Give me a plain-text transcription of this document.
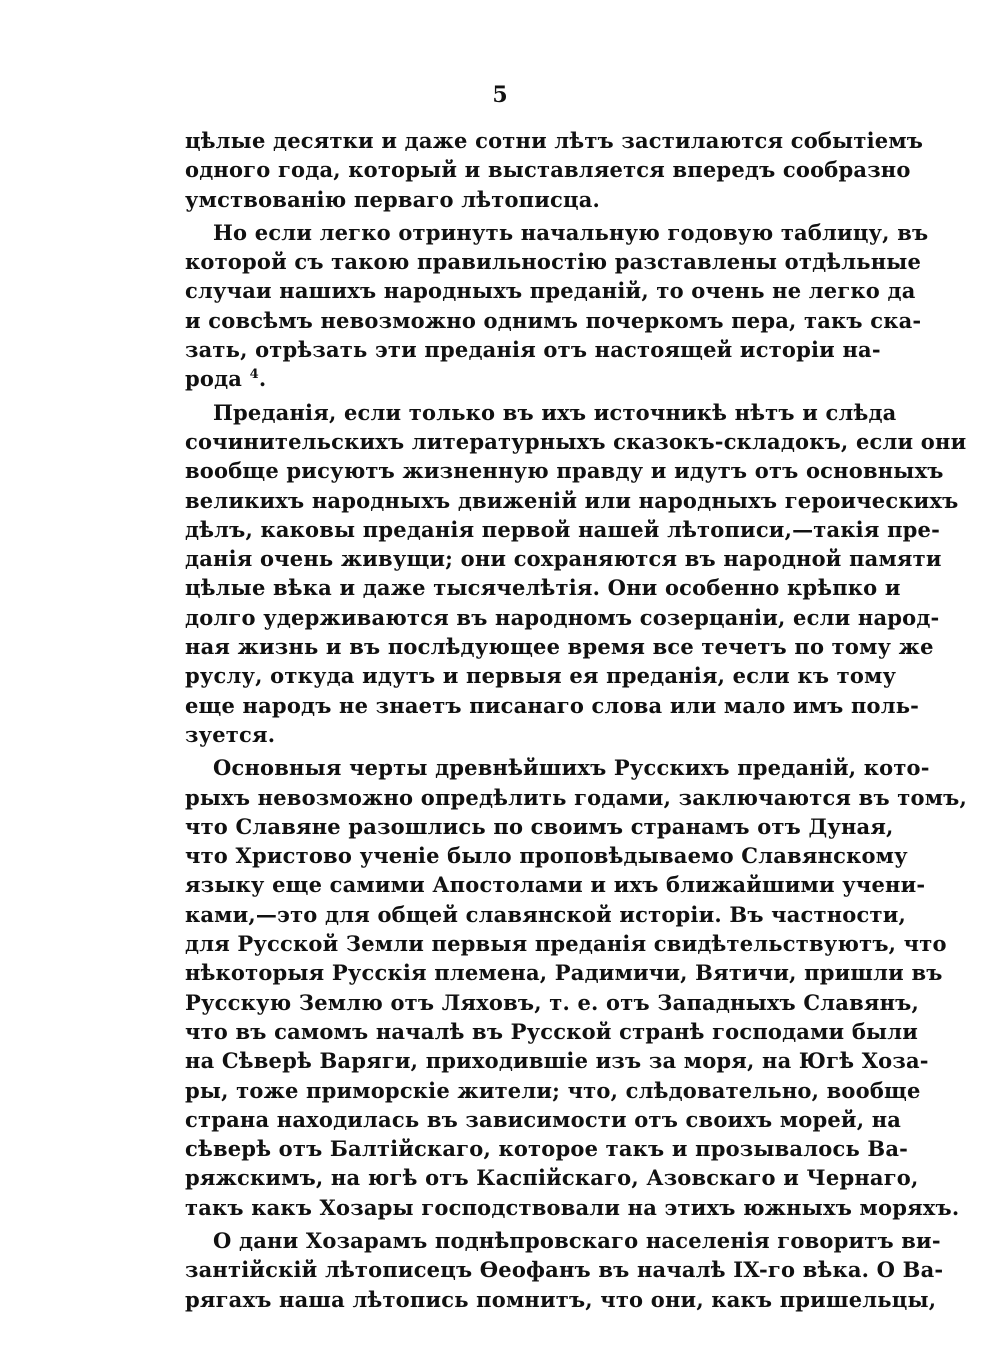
5
цѣлые десятки и даже сотни лѣтъ застилаются событіемъ
одного года, который и выставляется впередъ сообразно
умствованію перваго лѣтописца.
Но если легко отринуть начальную годовую таблицу, въ
которой съ такою правильностію разставлены отдѣльные
случаи нашихъ народныхъ преданій, то очень не легко да
и совсѣмъ невозможно однимъ почеркомъ пера, такъ ска-
зать, отрѣзать эти преданія отъ настоящей исторіи на-
рода $^4$.
Преданія, если только въ ихъ источникѣ нѣтъ и слѣда
сочинительскихъ литературныхъ сказокъ-складокъ, если они
вообще рисуютъ жизненную правду и идутъ отъ основныхъ
великихъ народныхъ движеній или народныхъ героическихъ
дѣлъ, каковы преданія первой нашей лѣтописи,—такія пре-
данія очень живущи; они сохраняются въ народной памяти
цѣлые вѣка и даже тысячелѣтія. Они особенно крѣпко и
долго удерживаются въ народномъ созерцаніи, если народ-
ная жизнь и въ послѣдующее время все течетъ по тому же
руслу, откуда идутъ и первыя ея преданія, если къ тому
еще народъ не знаетъ писанаго слова или мало имъ поль-
зуется.
Основныя черты древнѣйшихъ Русскихъ преданій, кото-
рыхъ невозможно опредѣлить годами, заключаются въ томъ,
что Славяне разошлись по своимъ странамъ отъ Дуная,
что Христово ученіе было проповѣдываемо Славянскому
языку еще самими Апостолами и ихъ ближайшими учени-
ками,—это для общей славянской исторіи. Въ частности,
для Русской Земли первыя преданія свидѣтельствуютъ, что
нѣкоторыя Русскія племена, Радимичи, Вятичи, пришли въ
Русскую Землю отъ Ляховъ, т. е. отъ Западныхъ Славянъ,
что въ самомъ началѣ въ Русской странѣ господами были
на Сѣверѣ Варяги, приходившіе изъ за моря, на Югѣ Хоза-
ры, тоже приморскіе жители; что, слѣдовательно, вообще
страна находилась въ зависимости отъ своихъ морей, на
сѣверѣ отъ Балтійскаго, которое такъ и прозывалось Ва-
ряжскимъ, на югѣ отъ Каспійскаго, Азовскаго и Чернаго,
такъ какъ Хозары господствовали на этихъ южныхъ моряхъ.
О дани Хозарамъ поднѣпровскаго населенія говоритъ ви-
зантійскій лѣтописецъ Ѳеофанъ въ началѣ IX-го вѣка. О Ва-
рягахъ наша лѣтопись помнитъ, что они, какъ пришельцы,
